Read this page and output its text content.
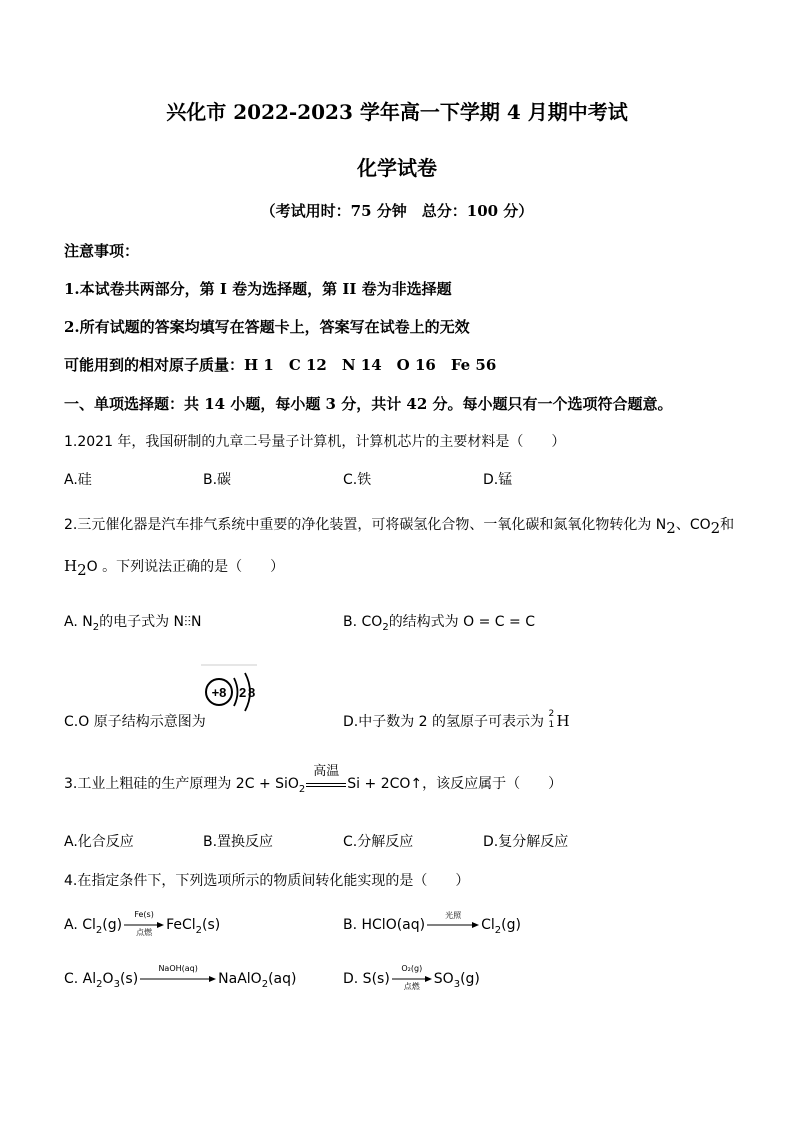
兴化市 2022-2023 学年高一下学期 4 月期中考试
化学试卷
（考试用时：75 分钟　总分：100 分）
注意事项：
1.本试卷共两部分，第 I 卷为选择题，第 II 卷为非选择题
2.所有试题的答案均填写在答题卡上，答案写在试卷上的无效
可能用到的相对原子质量：H 1　C 12　N 14　O 16　Fe 56
一、单项选择题：共 14 小题，每小题 3 分，共计 42 分。每小题只有一个选项符合题意。
1.2021 年，我国研制的九章二号量子计算机，计算机芯片的主要材料是（　　）
A.硅	B.碳	C.铁	D.锰
2.三元催化器是汽车排气系统中重要的净化装置，可将碳氢化合物、一氧化碳和氮氧化物转化为 $N_2$、$CO_2$和
$H_2O$ 。下列说法正确的是（　　）
A. $N_2$的电子式为 N⫶⫶N	B. $CO_2$的结构式为 O = C = C
C.O 原子结构示意图为
+8 2 8
D.中子数为 2 的氢原子可表示为 2
1 H
3.工业上粗硅的生产原理为 2C + SiO$_2$
高温
Si + 2CO↑，该反应属于（　　）
A.化合反应	B.置换反应	C.分解反应	D.复分解反应
4.在指定条件下，下列选项所示的物质间转化能实现的是（　　）
A. $Cl_2(g)$
Fe(s)
点燃	FeCl$_2$(s)	B. HClO(aq)
光照
$Cl_2(g)$
C. $Al_2O_3(s)$
NaOH(aq)
NaAlO$_2$(aq)	D. S(s)
O₂(g)
点燃	$SO_3(g)$
